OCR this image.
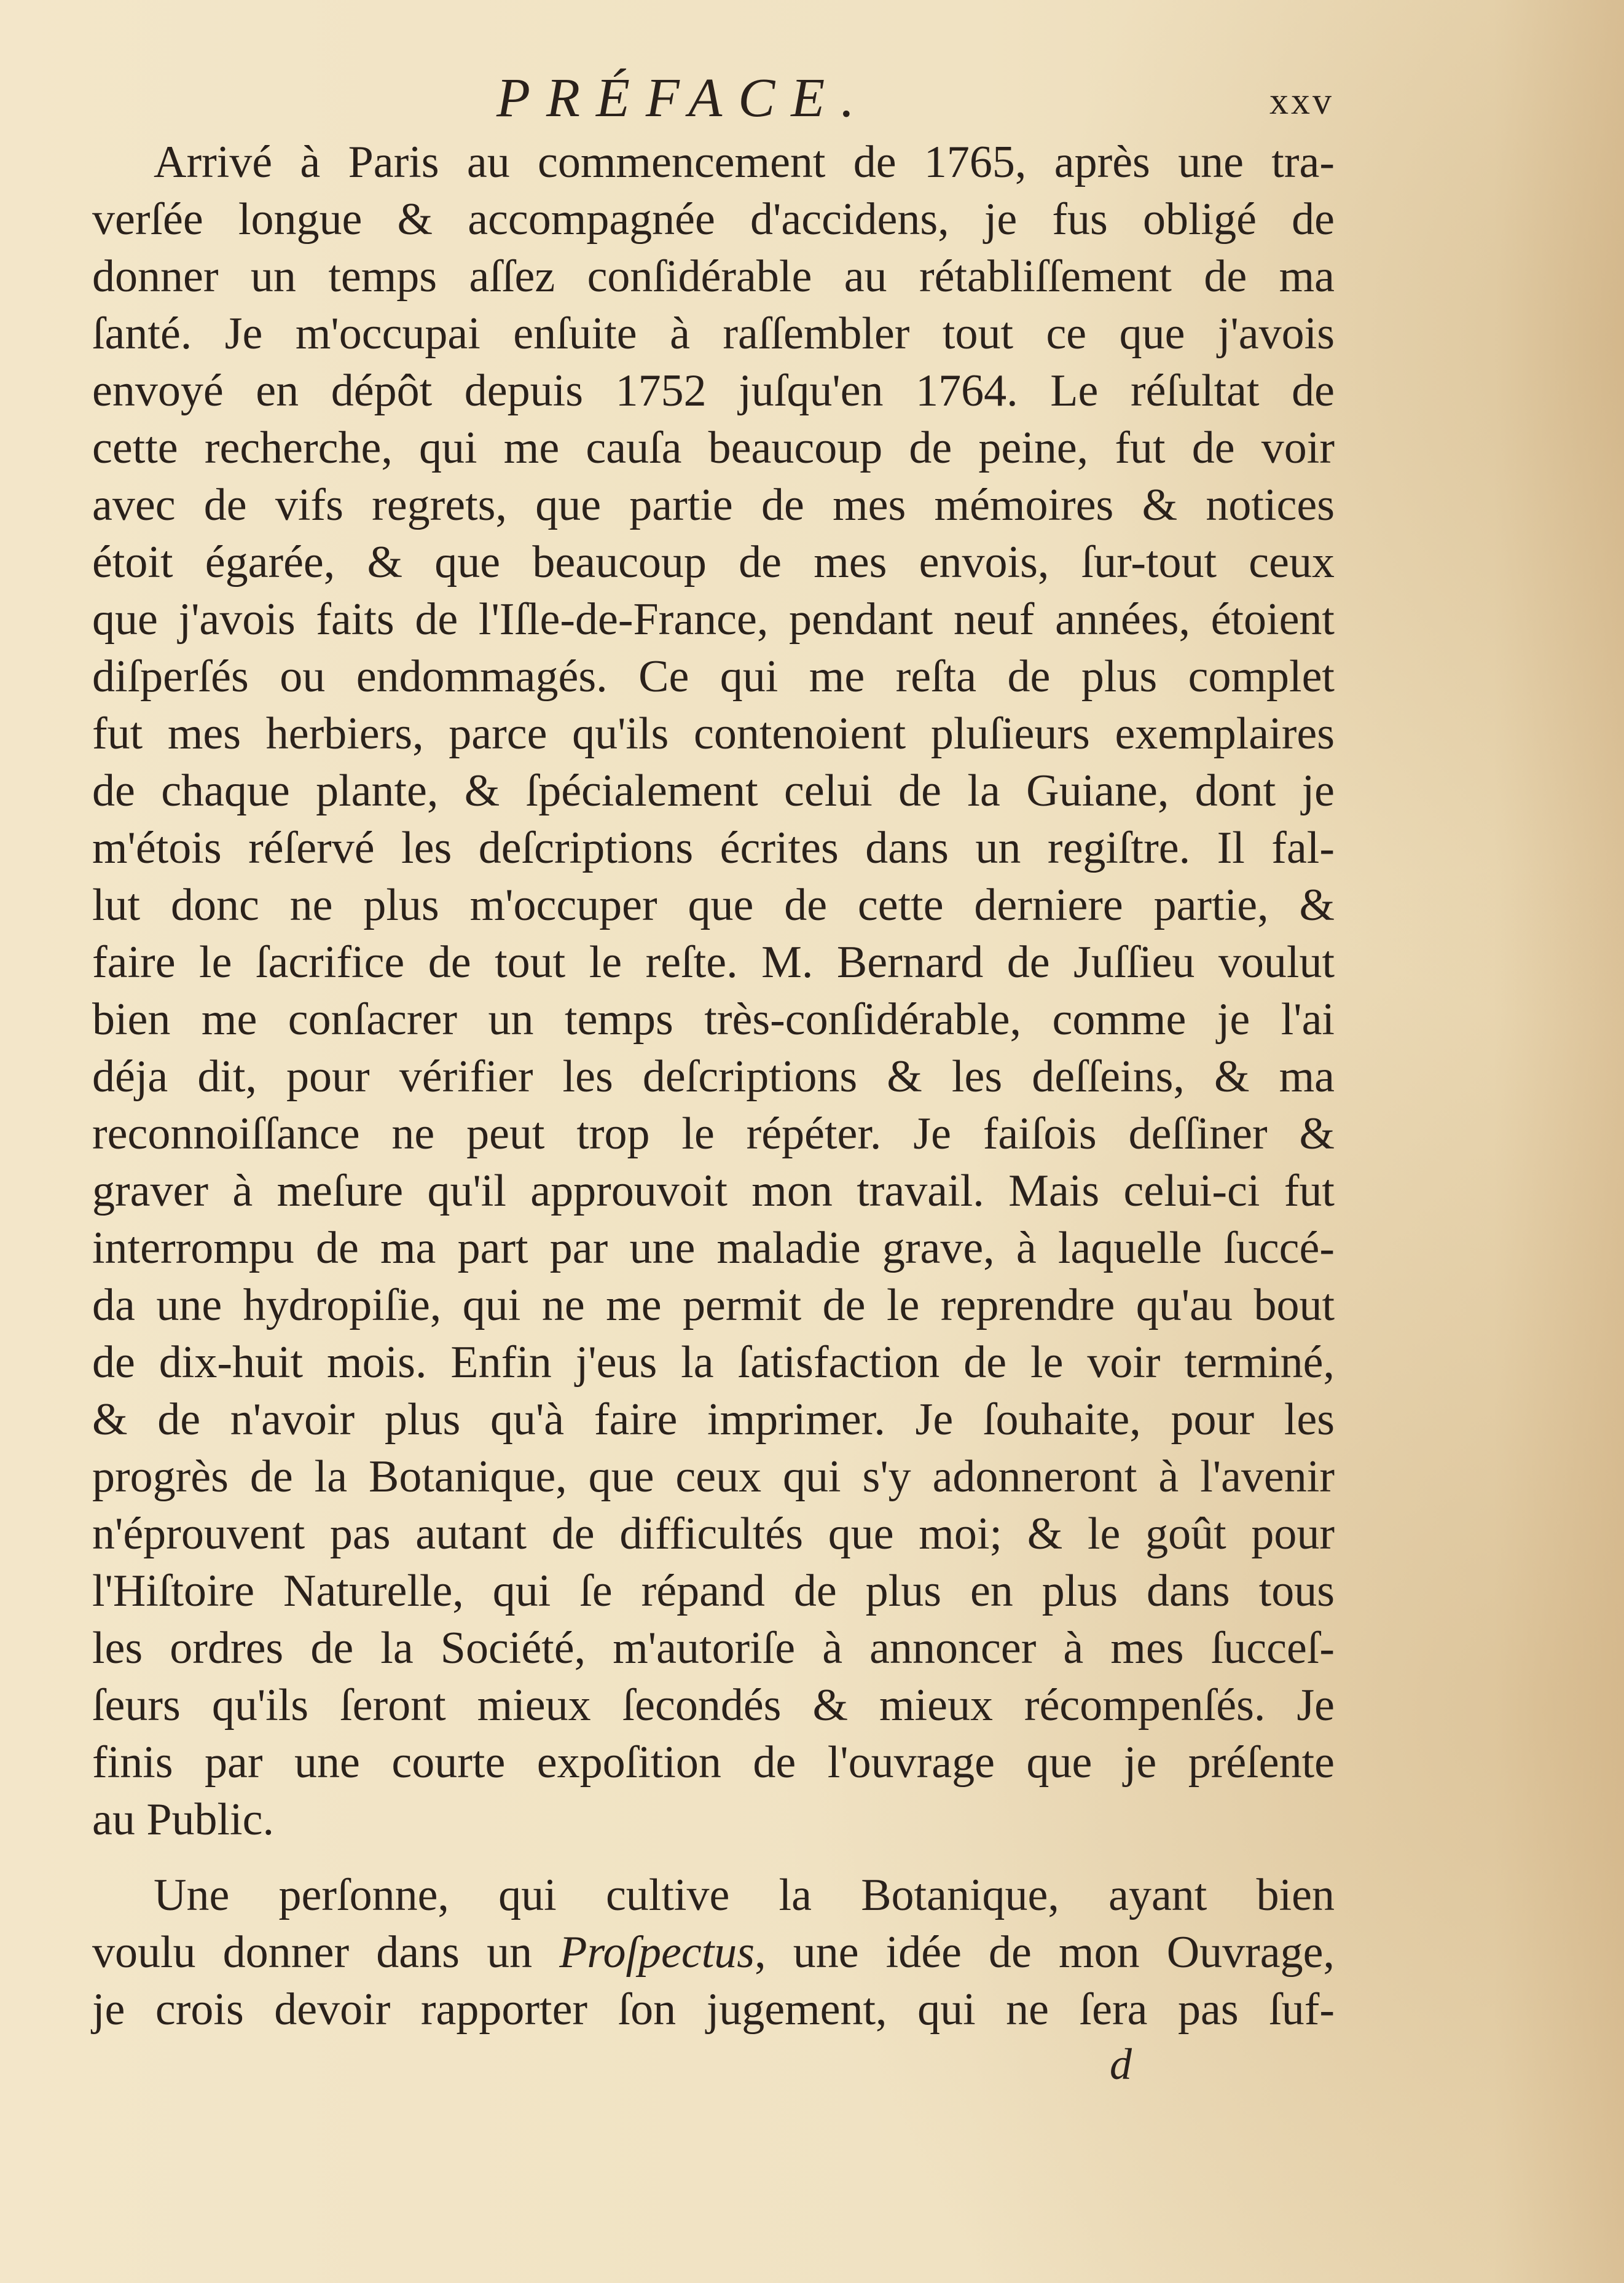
PRÉFACE.	xxv
Arrivé à Paris au commencement de 1765, après une tra-
verſée longue & accompagnée d'accidens, je fus obligé de
donner un temps aſſez conſidérable au rétabliſſement de ma
ſanté. Je m'occupai enſuite à raſſembler tout ce que j'avois
envoyé en dépôt depuis 1752 juſqu'en 1764. Le réſultat de
cette recherche, qui me cauſa beaucoup de peine, fut de voir
avec de vifs regrets, que partie de mes mémoires & notices
étoit égarée, & que beaucoup de mes envois, ſur-tout ceux
que j'avois faits de l'Iſle-de-France, pendant neuf années, étoient
diſperſés ou endommagés. Ce qui me reſta de plus complet
fut mes herbiers, parce qu'ils contenoient pluſieurs exemplaires
de chaque plante, & ſpécialement celui de la Guiane, dont je
m'étois réſervé les deſcriptions écrites dans un regiſtre. Il fal-
lut donc ne plus m'occuper que de cette derniere partie, &
faire le ſacrifice de tout le reſte. M. Bernard de Juſſieu voulut
bien me conſacrer un temps très-conſidérable, comme je l'ai
déja dit, pour vérifier les deſcriptions & les deſſeins, & ma
reconnoiſſance ne peut trop le répéter. Je faiſois deſſiner &
graver à meſure qu'il approuvoit mon travail. Mais celui-ci fut
interrompu de ma part par une maladie grave, à laquelle ſuccé-
da une hydropiſie, qui ne me permit de le reprendre qu'au bout
de dix-huit mois. Enfin j'eus la ſatisfaction de le voir terminé,
& de n'avoir plus qu'à faire imprimer. Je ſouhaite, pour les
progrès de la Botanique, que ceux qui s'y adonneront à l'avenir
n'éprouvent pas autant de difficultés que moi; & le goût pour
l'Hiſtoire Naturelle, qui ſe répand de plus en plus dans tous
les ordres de la Société, m'autoriſe à annoncer à mes ſucceſ-
ſeurs qu'ils ſeront mieux ſecondés & mieux récompenſés. Je
finis par une courte expoſition de l'ouvrage que je préſente
au Public.
Une perſonne, qui cultive la Botanique, ayant bien
voulu donner dans un Proſpectus, une idée de mon Ouvrage,
je crois devoir rapporter ſon jugement, qui ne ſera pas ſuf-
d
